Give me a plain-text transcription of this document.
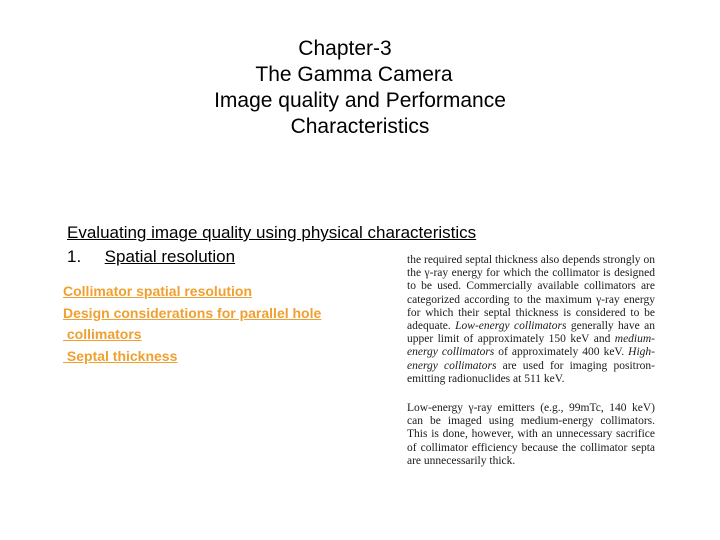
Chapter-3
The Gamma Camera
Image quality and Performance
Characteristics
Evaluating image quality using physical characteristics
1. Spatial resolution
Collimator spatial resolution
Design considerations for parallel hole
collimators
Septal thickness

the required septal thickness also depends strongly on the γ-ray energy for which the collimator is designed to be used. Commercially available collimators are categorized according to the maximum γ-ray energy for which their septal thickness is considered to be adequate. Low-energy collimators generally have an upper limit of approximately 150 keV and medium-energy collimators of approximately 400 keV. High-energy collimators are used for imaging positron-emitting radionuclides at 511 keV.

Low-energy γ-ray emitters (e.g., 99mTc, 140 keV) can be imaged using medium-energy collimators. This is done, however, with an unnecessary sacrifice of collimator efficiency because the collimator septa are unnecessarily thick.
